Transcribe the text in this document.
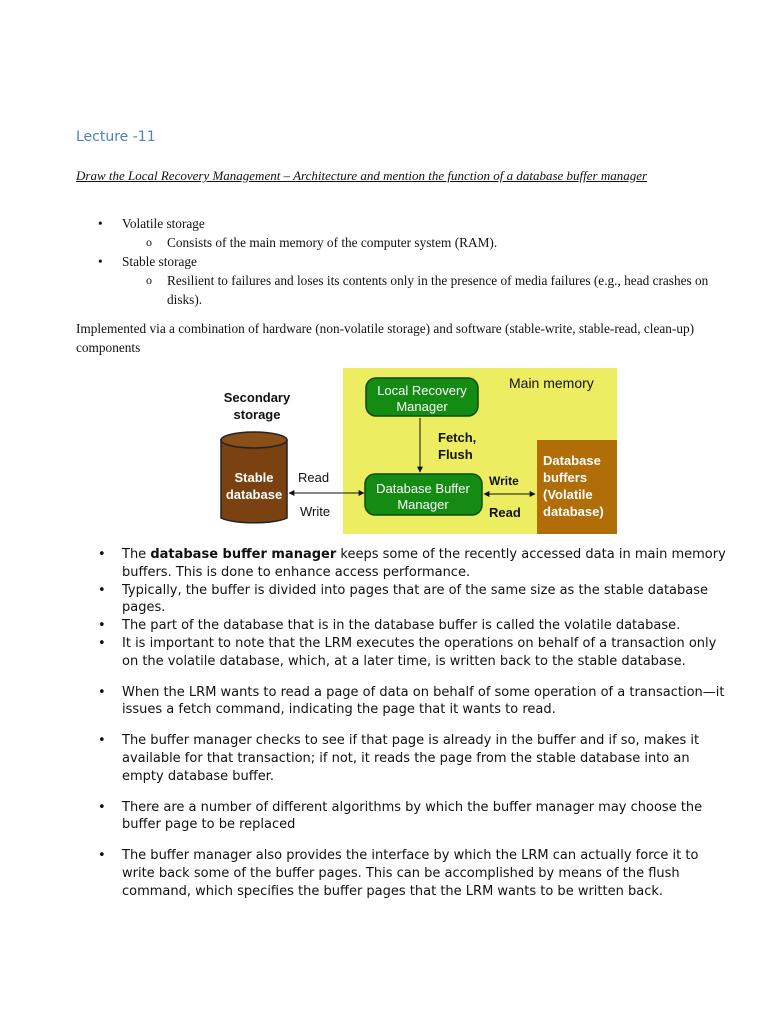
Lecture -11

Draw the Local Recovery Management – Architecture and mention the function of a database buffer manager

• Volatile storage
o Consists of the main memory of the computer system (RAM).
• Stable storage
o Resilient to failures and loses its contents only in the presence of media failures (e.g., head crashes on disks).

Implemented via a combination of hardware (non-volatile storage) and software (stable-write, stable-read, clean-up) components

Main memory
Secondary
storage
Stable
database
Read
Write
Local Recovery
Manager
Fetch,
Flush
Database Buffer
Manager
Write
Read
Database
buffers
(Volatile
database)
• The database buffer manager keeps some of the recently accessed data in main memory buffers. This is done to enhance access performance.
• Typically, the buffer is divided into pages that are of the same size as the stable database pages.
• The part of the database that is in the database buffer is called the volatile database.
• It is important to note that the LRM executes the operations on behalf of a transaction only on the volatile database, which, at a later time, is written back to the stable database.
• When the LRM wants to read a page of data on behalf of some operation of a transaction—it issues a fetch command, indicating the page that it wants to read.
• The buffer manager checks to see if that page is already in the buffer and if so, makes it available for that transaction; if not, it reads the page from the stable database into an empty database buffer.
• There are a number of different algorithms by which the buffer manager may choose the buffer page to be replaced
• The buffer manager also provides the interface by which the LRM can actually force it to write back some of the buffer pages. This can be accomplished by means of the flush command, which specifies the buffer pages that the LRM wants to be written back.
